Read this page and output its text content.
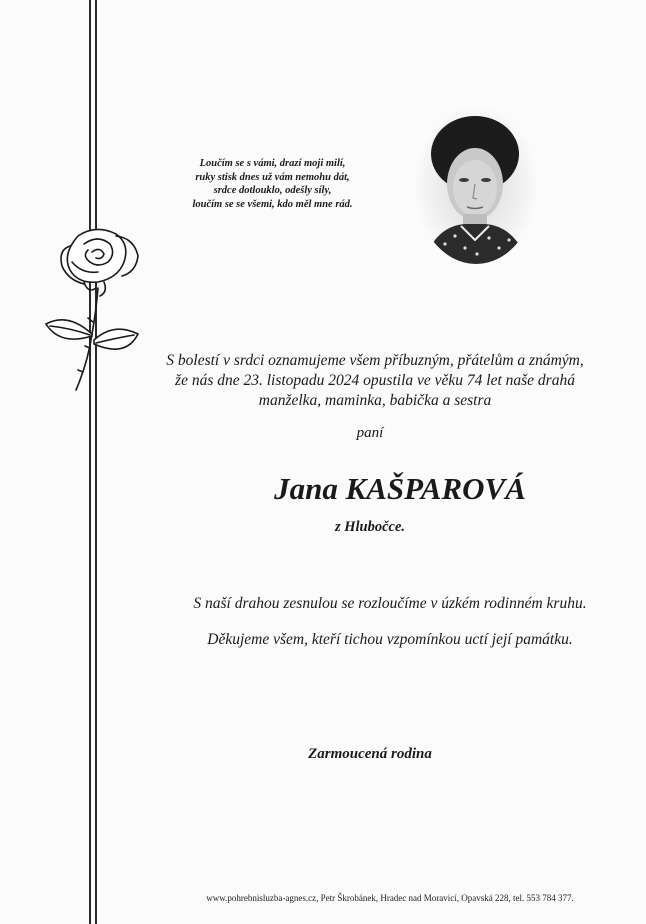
Loučím se s vámi, drazí moji milí,
ruky stisk dnes už vám nemohu dát,
srdce dotlouklo, odešly síly,
loučím se se všemi, kdo měl mne rád.
S bolestí v srdci oznamujeme všem příbuzným, přátelům a známým,
že nás dne 23. listopadu 2024 opustila ve věku 74 let naše drahá
manželka, maminka, babička a sestra
paní
Jana KAŠPAROVÁ
z Hlubočce.
S naší drahou zesnulou se rozloučíme v úzkém rodinném kruhu.
Děkujeme všem, kteří tichou vzpomínkou uctí její památku.
Zarmoucená rodina
www.pohrebnisluzba-agnes.cz, Petr Škrobánek, Hradec nad Moravicí, Opavská 228, tel. 553 784 377.
